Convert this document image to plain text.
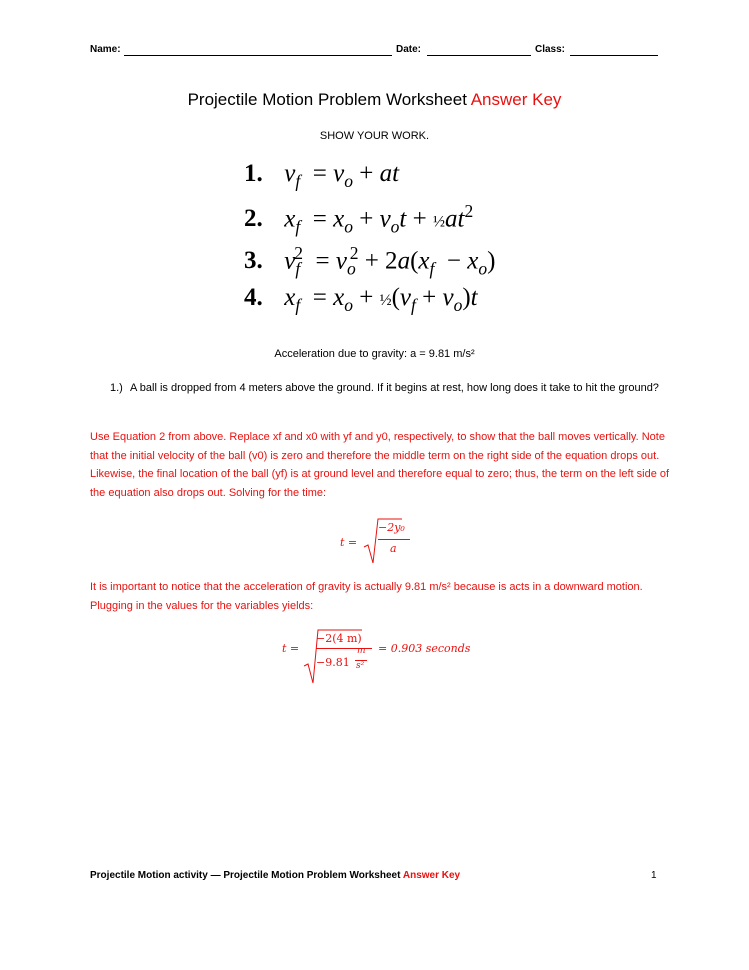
Name:	Date:	Class:
Projectile Motion Problem Worksheet Answer Key
SHOW YOUR WORK.
1. $v_f = v_o$ + at
2. $x_f = x_o + v_ot$ + $\frac{1}{2}at^2$
3. $v_f^2 = v_o^2 + 2a(x_f - x_o)$
4. $x_f = x_o$ + $\frac{1}{2}(v_f + v_o)t$
Acceleration due to gravity: a = 9.81 m/s²
1.) A ball is dropped from 4 meters above the ground. If it begins at rest, how long does it take to hit the ground?
Use Equation 2 from above. Replace xf and x0 with yf and y0, respectively, to show that the ball moves vertically. Note that the initial velocity of the ball (v0) is zero and therefore the middle term on the right side of the equation drops out. Likewise, the final location of the ball (yf) is at ground level and therefore equal to zero; thus, the term on the left side of the equation also drops out. Solving for the time:
t =
−2y₀
a
It is important to notice that the acceleration of gravity is actually 9.81 m/s² because is acts in a downward motion. Plugging in the values for the variables yields:
t =
−2(4 m)
−9.81
m
s²
= 0.903 seconds
Projectile Motion activity — Projectile Motion Problem Worksheet Answer Key	1
